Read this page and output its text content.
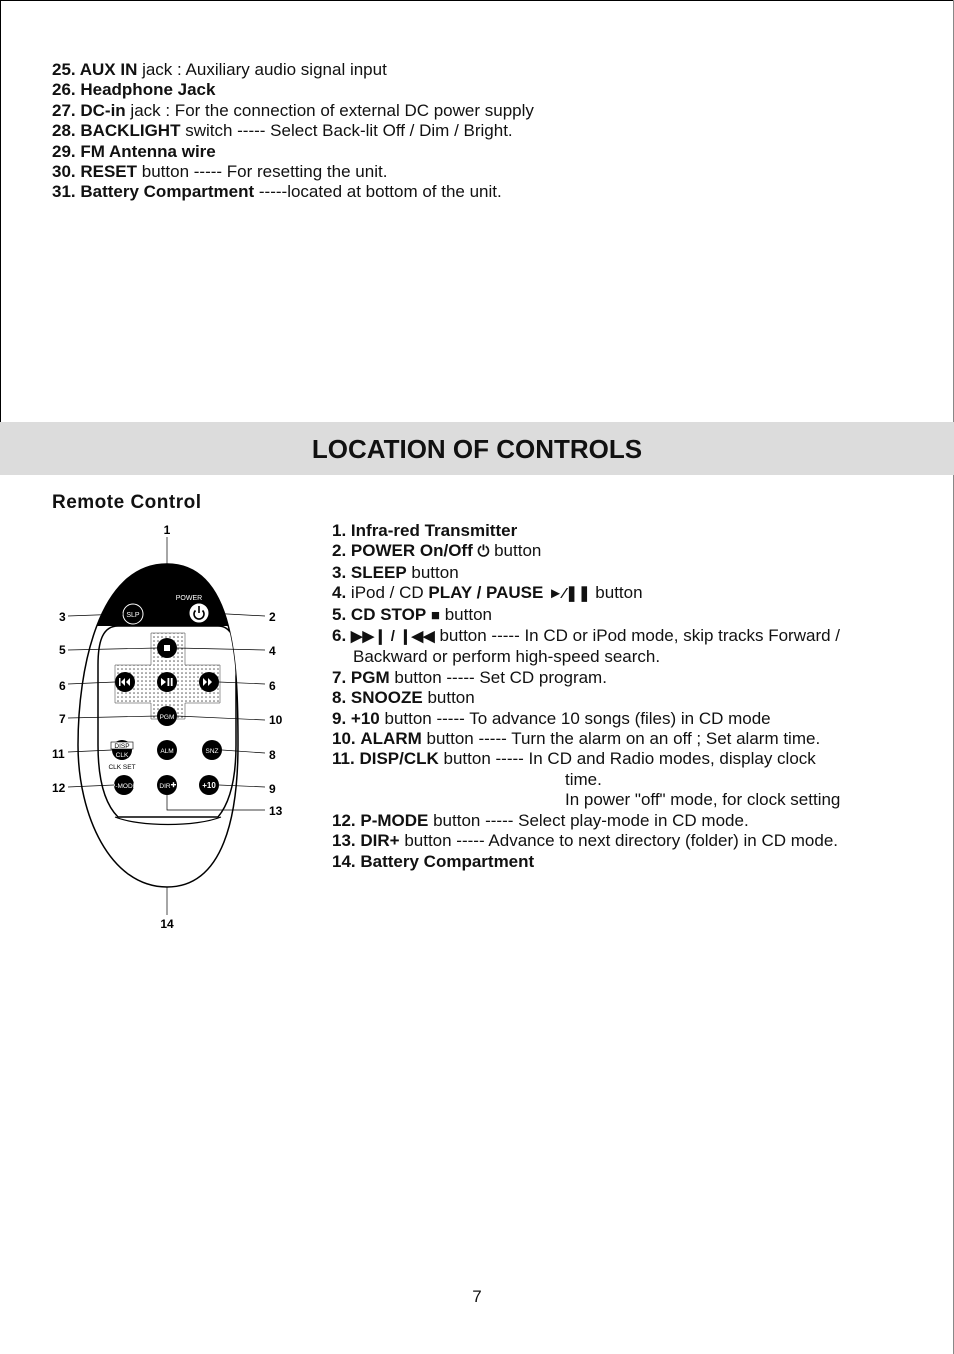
25. AUX IN jack : Auxiliary audio signal input
26. Headphone Jack
27. DC-in jack : For the connection of external DC power supply
28. BACKLIGHT switch ----- Select Back-lit Off / Dim / Bright.
29. FM Antenna wire
30. RESET button ----- For resetting the unit.
31. Battery Compartment -----located at bottom of the unit.
LOCATION OF CONTROLS
Remote Control
POWER
SLP
PGM
DISP
CLK
CLK SET
ALM	SNZ
P-MODE	DIR	+10
1
3	2
5	4
6	6
7	10
11	8
12	9
13
14
1. Infra-red Transmitter
2. POWER On/Off ⏻ button
3. SLEEP button
4. iPod / CD PLAY / PAUSE ►⁄❚❚ button
5. CD STOP ■ button
6. ▶▶❙ / ❙◀◀ button ----- In CD or iPod mode, skip tracks Forward /
Backward or perform high-speed search.
7. PGM button ----- Set CD program.
8. SNOOZE button
9. +10 button ----- To advance 10 songs (files) in CD mode
10. ALARM button ----- Turn the alarm on an off ; Set alarm time.
11. DISP/CLK button ----- In CD and Radio modes, display clock
time.
In power "off" mode, for clock setting
12. P-MODE button ----- Select play-mode in CD mode.
13. DIR+ button ----- Advance to next directory (folder) in CD mode.
14. Battery Compartment
7
